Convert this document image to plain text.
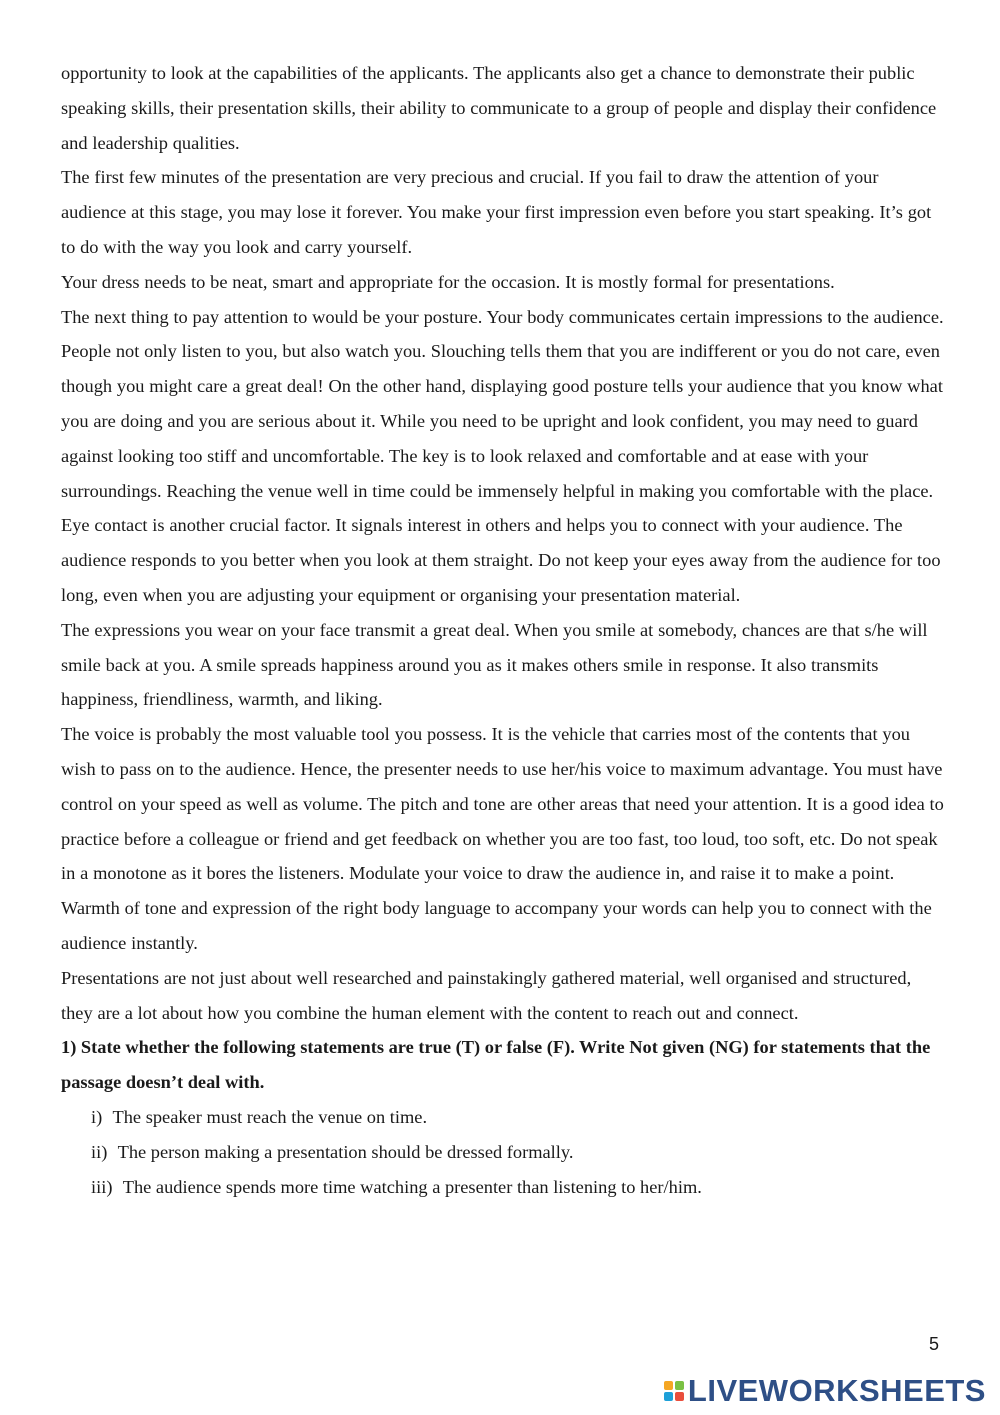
opportunity to look at the capabilities of the applicants. The applicants also get a chance to demonstrate their public speaking skills, their presentation skills, their ability to communicate to a group of people and display their confidence and leadership qualities.

The first few minutes of the presentation are very precious and crucial. If you fail to draw the attention of your audience at this stage, you may lose it forever. You make your first impression even before you start speaking. It’s got to do with the way you look and carry yourself.

Your dress needs to be neat, smart and appropriate for the occasion. It is mostly formal for presentations.

The next thing to pay attention to would be your posture. Your body communicates certain impressions to the audience. People not only listen to you, but also watch you. Slouching tells them that you are indifferent or you do not care, even though you might care a great deal! On the other hand, displaying good posture tells your audience that you know what you are doing and you are serious about it. While you need to be upright and look confident, you may need to guard against looking too stiff and uncomfortable. The key is to look relaxed and comfortable and at ease with your surroundings. Reaching the venue well in time could be immensely helpful in making you comfortable with the place.

Eye contact is another crucial factor. It signals interest in others and helps you to connect with your audience. The audience responds to you better when you look at them straight. Do not keep your eyes away from the audience for too long, even when you are adjusting your equipment or organising your presentation material.

The expressions you wear on your face transmit a great deal. When you smile at somebody, chances are that s/he will smile back at you. A smile spreads happiness around you as it makes others smile in response. It also transmits happiness, friendliness, warmth, and liking.

The voice is probably the most valuable tool you possess. It is the vehicle that carries most of the contents that you wish to pass on to the audience. Hence, the presenter needs to use her/his voice to maximum advantage. You must have control on your speed as well as volume. The pitch and tone are other areas that need your attention. It is a good idea to practice before a colleague or friend and get feedback on whether you are too fast, too loud, too soft, etc. Do not speak in a monotone as it bores the listeners. Modulate your voice to draw the audience in, and raise it to make a point. Warmth of tone and expression of the right body language to accompany your words can help you to connect with the audience instantly.

Presentations are not just about well researched and painstakingly gathered material, well organised and structured, they are a lot about how you combine the human element with the content to reach out and connect.

1) State whether the following statements are true (T) or false (F). Write Not given (NG) for statements that the passage doesn’t deal with.

i) The speaker must reach the venue on time.
ii) The person making a presentation should be dressed formally.
iii) The audience spends more time watching a presenter than listening to her/him.
5
LIVEWORKSHEETS
